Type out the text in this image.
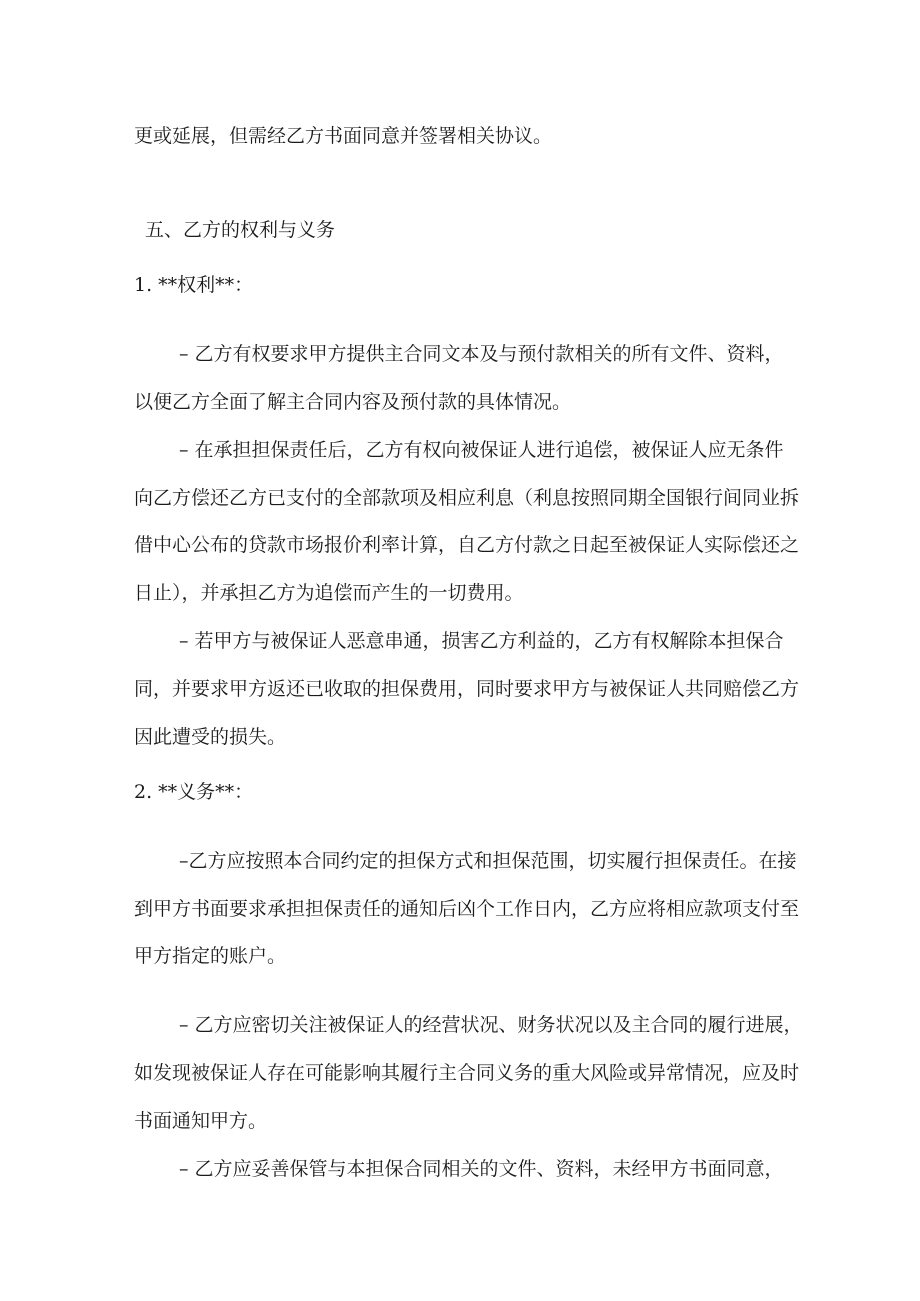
更或延展，但需经乙方书面同意并签署相关协议。
五、乙方的权利与义务
1. **权利**：
– 乙方有权要求甲方提供主合同文本及与预付款相关的所有文件、资料，
以便乙方全面了解主合同内容及预付款的具体情况。
– 在承担担保责任后，乙方有权向被保证人进行追偿，被保证人应无条件
向乙方偿还乙方已支付的全部款项及相应利息（利息按照同期全国银行间同业拆
借中心公布的贷款市场报价利率计算，自乙方付款之日起至被保证人实际偿还之
日止），并承担乙方为追偿而产生的一切费用。
– 若甲方与被保证人恶意串通，损害乙方利益的，乙方有权解除本担保合
同，并要求甲方返还已收取的担保费用，同时要求甲方与被保证人共同赔偿乙方
因此遭受的损失。
2. **义务**：
–乙方应按照本合同约定的担保方式和担保范围，切实履行担保责任。在接
到甲方书面要求承担担保责任的通知后凶个工作日内，乙方应将相应款项支付至
甲方指定的账户。
– 乙方应密切关注被保证人的经营状况、财务状况以及主合同的履行进展，
如发现被保证人存在可能影响其履行主合同义务的重大风险或异常情况，应及时
书面通知甲方。
– 乙方应妥善保管与本担保合同相关的文件、资料，未经甲方书面同意，
